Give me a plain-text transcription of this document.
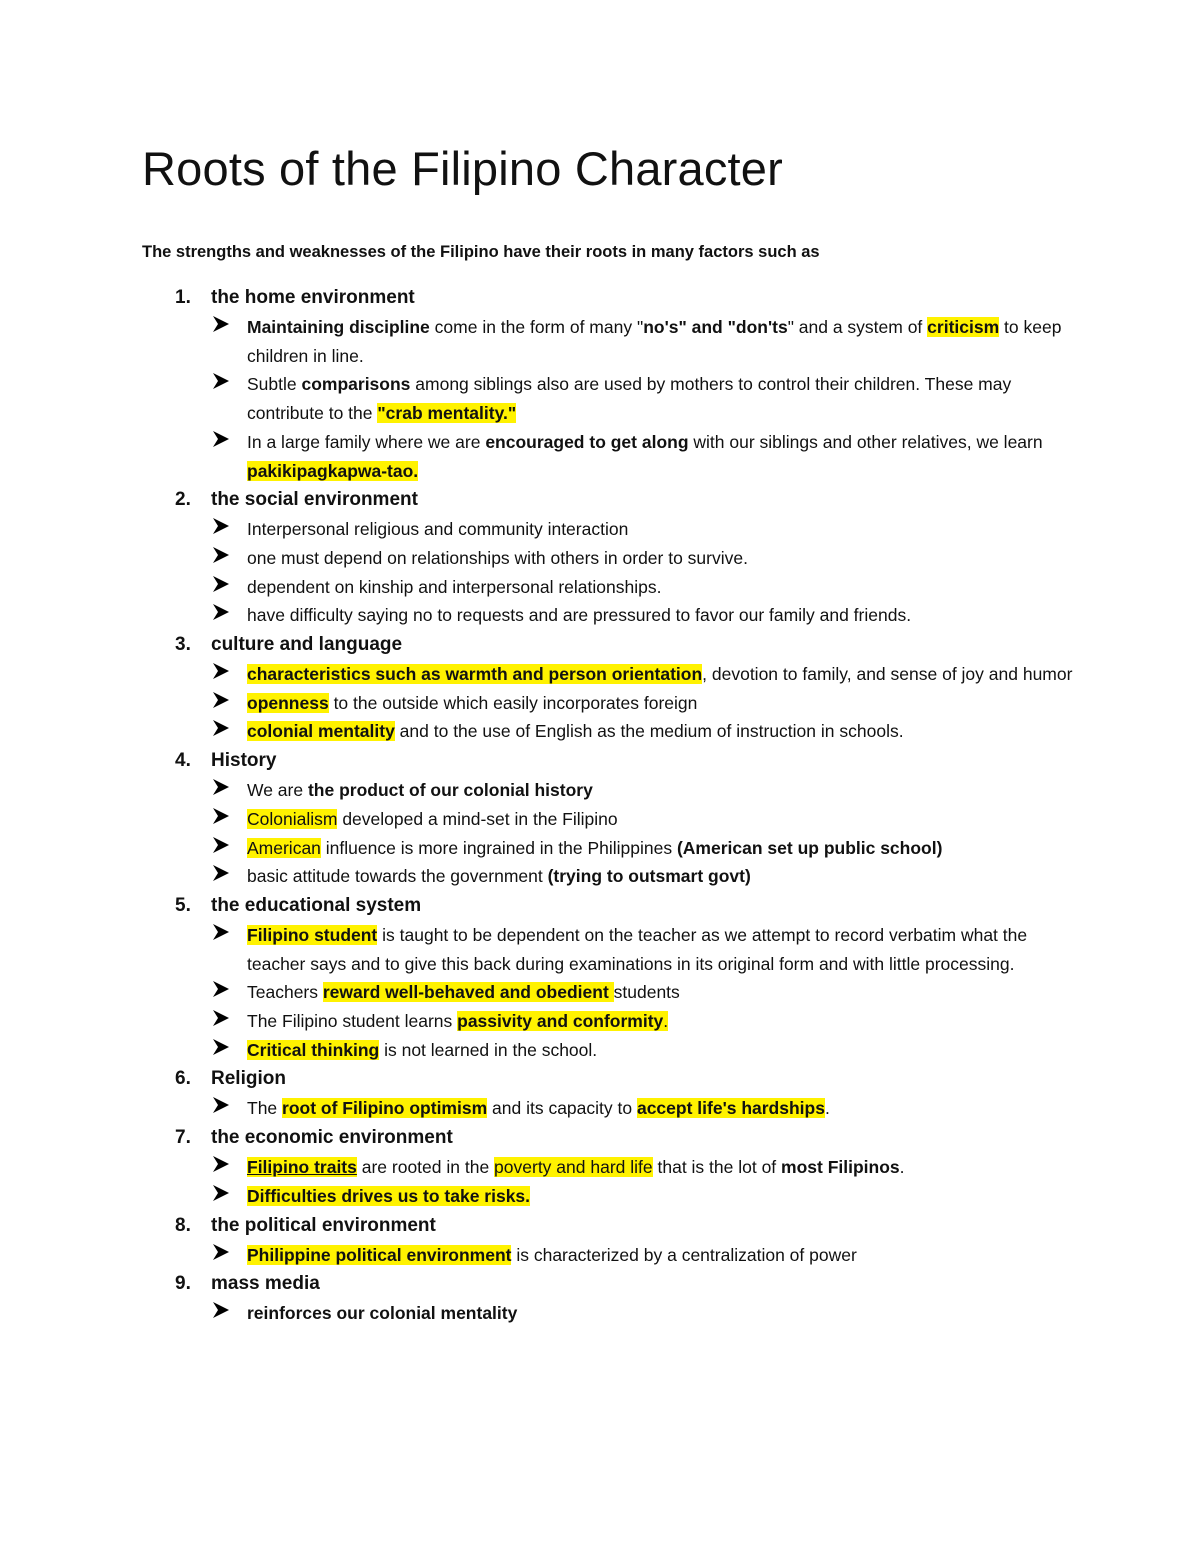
Roots of the Filipino Character
The strengths and weaknesses of the Filipino have their roots in many factors such as
1. the home environment
Maintaining discipline come in the form of many "no's" and "don'ts" and a system of criticism to keep children in line.
Subtle comparisons among siblings also are used by mothers to control their children. These may contribute to the "crab mentality."
In a large family where we are encouraged to get along with our siblings and other relatives, we learn pakikipagkapwa-tao.
2. the social environment
Interpersonal religious and community interaction
one must depend on relationships with others in order to survive.
dependent on kinship and interpersonal relationships.
have difficulty saying no to requests and are pressured to favor our family and friends.
3. culture and language
characteristics such as warmth and person orientation, devotion to family, and sense of joy and humor
openness to the outside which easily incorporates foreign
colonial mentality and to the use of English as the medium of instruction in schools.
4. History
We are the product of our colonial history
Colonialism developed a mind-set in the Filipino
American influence is more ingrained in the Philippines (American set up public school)
basic attitude towards the government (trying to outsmart govt)
5. the educational system
Filipino student is taught to be dependent on the teacher as we attempt to record verbatim what the teacher says and to give this back during examinations in its original form and with little processing.
Teachers reward well-behaved and obedient students
The Filipino student learns passivity and conformity.
Critical thinking is not learned in the school.
6. Religion
The root of Filipino optimism and its capacity to accept life's hardships.
7. the economic environment
Filipino traits are rooted in the poverty and hard life that is the lot of most Filipinos.
Difficulties drives us to take risks.
8. the political environment
Philippine political environment is characterized by a centralization of power
9. mass media
reinforces our colonial mentality
